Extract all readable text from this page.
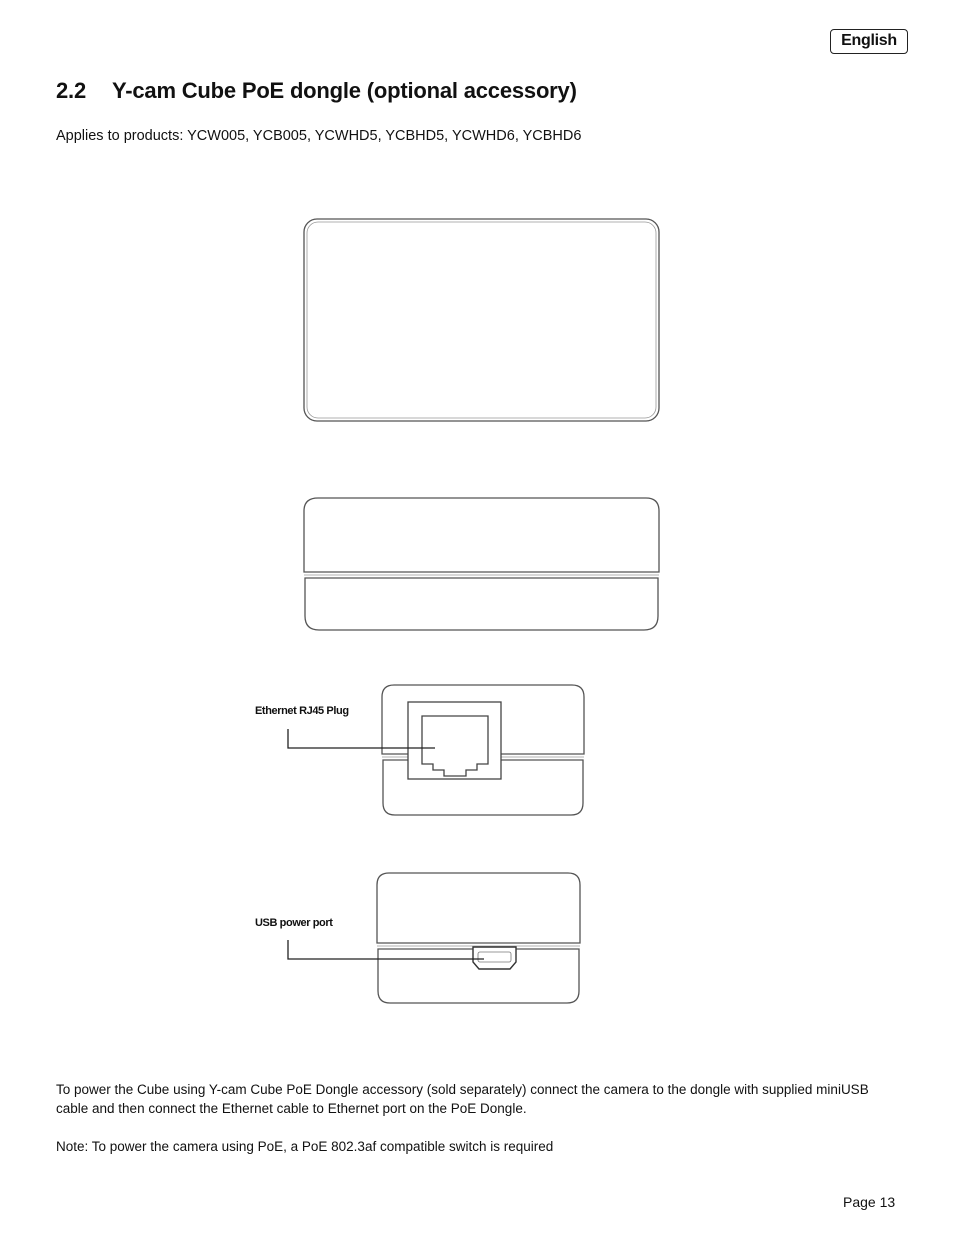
English
2.2 Y-cam Cube PoE dongle (optional accessory)

Applies to products: YCW005, YCB005, YCWHD5, YCBHD5, YCWHD6, YCBHD6

Ethernet RJ45 Plug
USB power port

To power the Cube using Y-cam Cube PoE Dongle accessory (sold separately) connect the camera to the dongle with supplied miniUSB cable and then connect the Ethernet cable to Ethernet port on the PoE Dongle.

Note: To power the camera using PoE, a PoE 802.3af compatible switch is required

Page 13
